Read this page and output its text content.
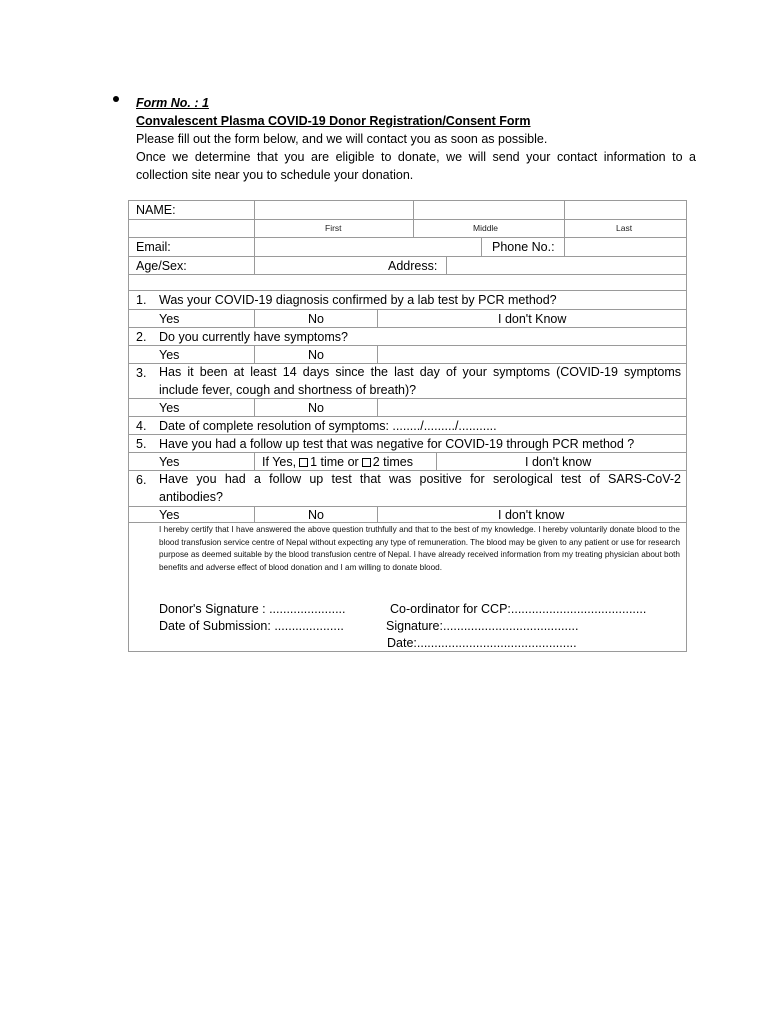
Form No. : 1

Convalescent Plasma COVID-19 Donor Registration/Consent Form

Please fill out the form below, and we will contact you as soon as possible.

Once we determine that you are eligible to donate, we will send your contact information to a collection site near you to schedule your donation.

NAME:
First	Middle	Last
Email:	Phone No.:
Age/Sex:	Address:
1. Was your COVID-19 diagnosis confirmed by a lab test by PCR method?
Yes	No	I don't Know
2. Do you currently have symptoms?
Yes	No
3. Has it been at least 14 days since the last day of your symptoms (COVID-19 symptoms include fever, cough and shortness of breath)?
Yes	No
4. Date of complete resolution of symptoms: ......../........./...........
5. Have you had a follow up test that was negative for COVID-19 through PCR method ?
Yes	If Yes, 1 time or 2 times	I don't know
6. Have you had a follow up test that was positive for serological test of SARS-CoV-2 antibodies?
Yes	No	I don't know
I hereby certify that I have answered the above question truthfully and that to the best of my knowledge. I hereby voluntarily donate blood to the blood transfusion service centre of Nepal without expecting any type of remuneration. The blood may be given to any patient or use for research purpose as deemed suitable by the blood transfusion centre of Nepal. I have already received information from my treating physician about both benefits and adverse effect of blood donation and I am willing to donate blood.
Donor's Signature : ......................
Date of Submission: ....................
Co-ordinator for CCP:.......................................
Signature:.......................................
Date:..............................................
